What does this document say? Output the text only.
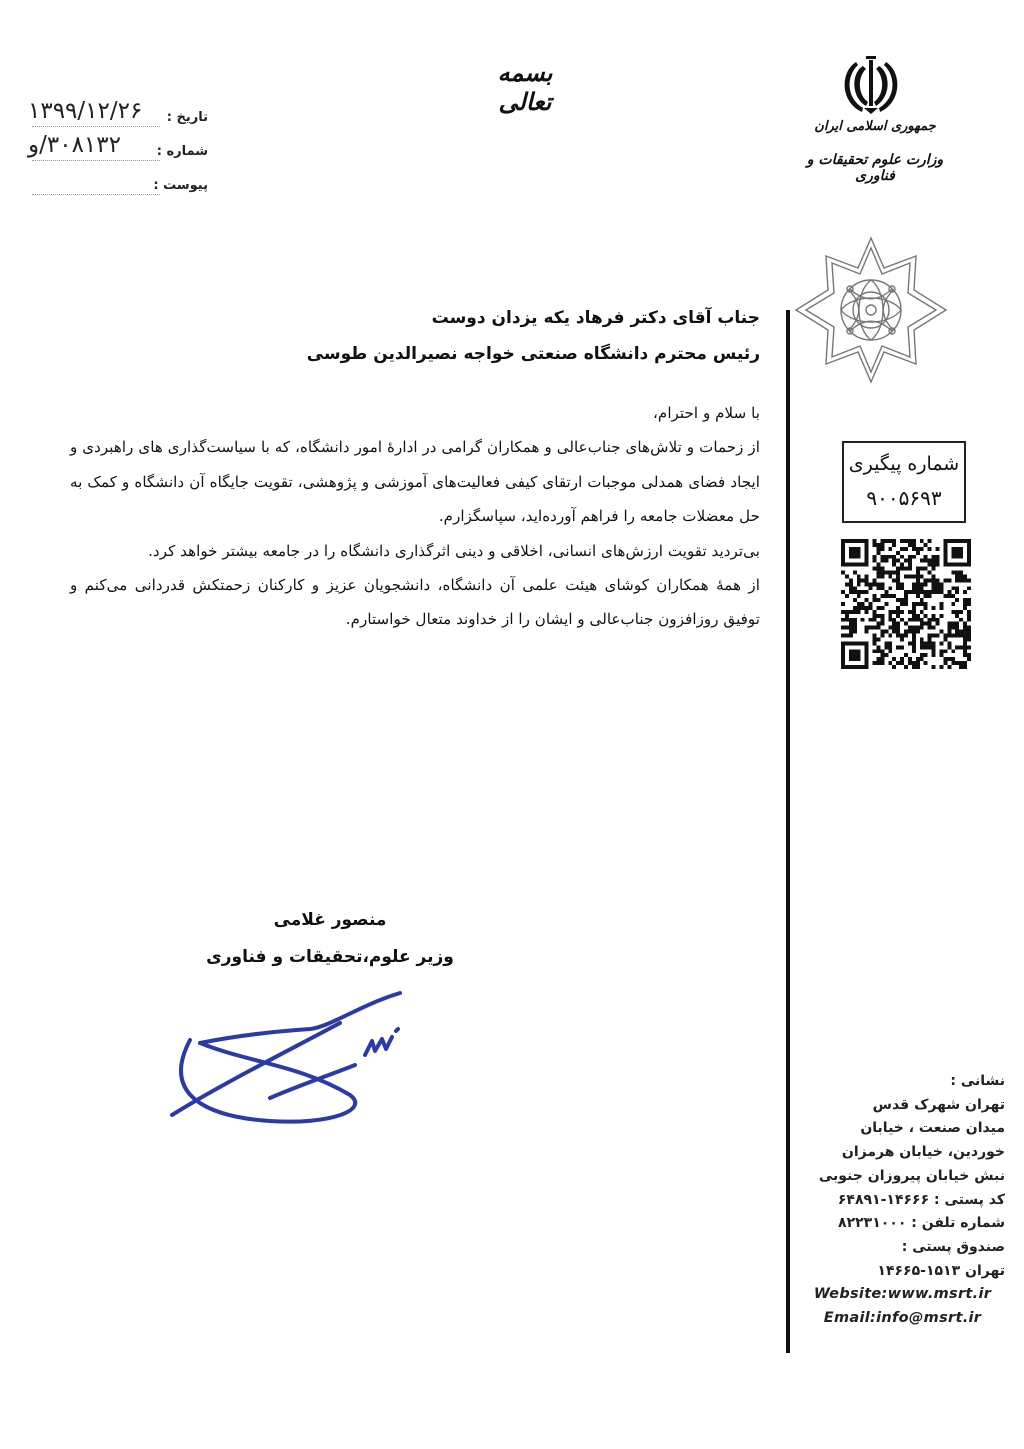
تاریخ :
۱۳۹۹/۱۲/۲۶
شماره :
۳۰۸۱۳۲/و
پیوست :
بسمه تعالی
جمهوری اسلامی ایران
وزارت علوم تحقیقات و فناوری
جناب آقای دکتر فرهاد یکه یزدان دوست
رئیس محترم دانشگاه صنعتی خواجه نصیرالدین طوسی

با سلام و احترام،

از زحمات و تلاش‌های جناب‌عالی و همکاران گرامی در ادارهٔ امور دانشگاه، که با سیاست‌گذاری های راهبردی و ایجاد فضای همدلی موجبات ارتقای کیفی فعالیت‌های آموزشی و پژوهشی، تقویت جایگاه آن دانشگاه و کمک به حل معضلات جامعه را فراهم آورده‌اید، سپاسگزارم.

بی‌تردید تقویت ارزش‌های انسانی، اخلاقی و دینی اثرگذاری دانشگاه را در جامعه بیشتر خواهد کرد.

از همهٔ همکاران کوشای هیئت علمی آن دانشگاه، دانشجویان عزیز و کارکنان زحمتکش قدردانی می‌کنم و توفیق روزافزون جناب‌عالی و ایشان را از خداوند متعال خواستارم.

شماره پیگیری
۹۰۰۵۶۹۳
منصور غلامی
وزیر علوم،تحقیقات و فناوری
نشانی :
تهران شهرک قدس
میدان صنعت ، خیابان
خوردین، خیابان هرمزان
نبش خیابان پیروزان جنوبی
کد پستی : ۱۴۶۶۶-۶۴۸۹۱
شماره تلفن : ۸۲۲۳۱۰۰۰
صندوق پستی :
تهران ۱۵۱۳-۱۴۶۶۵
Website:www.msrt.ir
Email:info@msrt.ir
